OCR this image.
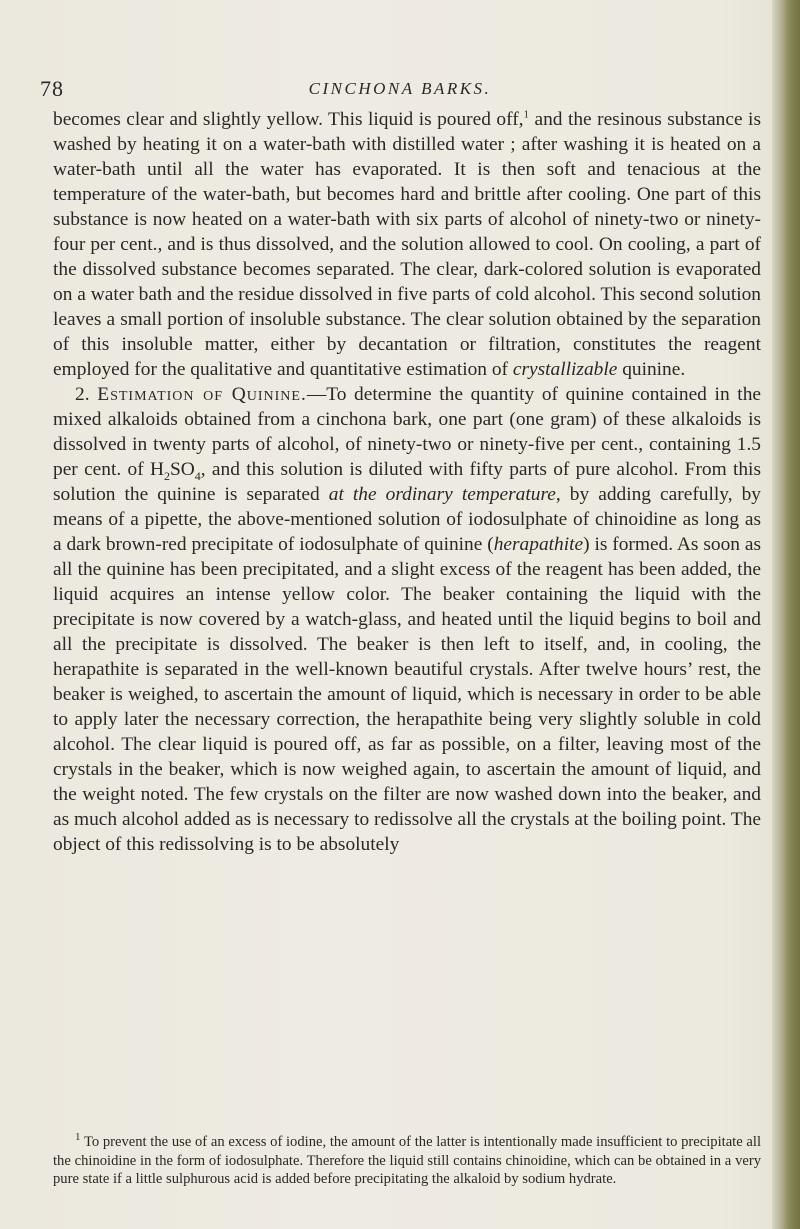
78	CINCHONA BARKS.

becomes clear and slightly yellow. This liquid is poured off,$^1$ and the resinous substance is washed by heating it on a water-bath with distilled water ; after washing it is heated on a water-bath until all the water has evaporated. It is then soft and tenacious at the temperature of the water-bath, but becomes hard and brittle after cooling. One part of this substance is now heated on a water-bath with six parts of alcohol of ninety-two or ninety-four per cent., and is thus dissolved, and the solution allowed to cool. On cooling, a part of the dissolved substance becomes separated. The clear, dark-colored solution is evaporated on a water bath and the residue dissolved in five parts of cold alcohol. This second solution leaves a small portion of insoluble substance. The clear solution obtained by the separation of this insoluble matter, either by decantation or filtration, constitutes the reagent employed for the qualitative and quantitative estimation of crystallizable quinine.

2. Estimation of Quinine.—To determine the quantity of quinine contained in the mixed alkaloids obtained from a cinchona bark, one part (one gram) of these alkaloids is dissolved in twenty parts of alcohol, of ninety-two or ninety-five per cent., containing 1.5 per cent. of $H_2SO_4$, and this solution is diluted with fifty parts of pure alcohol. From this solution the quinine is separated at the ordinary temperature, by adding carefully, by means of a pipette, the above-mentioned solution of iodosulphate of chinoidine as long as a dark brown-red precipitate of iodosulphate of quinine (herapathite) is formed. As soon as all the quinine has been precipitated, and a slight excess of the reagent has been added, the liquid acquires an intense yellow color. The beaker containing the liquid with the precipitate is now covered by a watch-glass, and heated until the liquid begins to boil and all the precipitate is dissolved. The beaker is then left to itself, and, in cooling, the herapathite is separated in the well-known beautiful crystals. After twelve hours’ rest, the beaker is weighed, to ascertain the amount of liquid, which is necessary in order to be able to apply later the necessary correction, the herapathite being very slightly soluble in cold alcohol. The clear liquid is poured off, as far as possible, on a filter, leaving most of the crystals in the beaker, which is now weighed again, to ascertain the amount of liquid, and the weight noted. The few crystals on the filter are now washed down into the beaker, and as much alcohol added as is necessary to redissolve all the crystals at the boiling point. The object of this redissolving is to be absolutely

$^1$ To prevent the use of an excess of iodine, the amount of the latter is intentionally made insufficient to precipitate all the chinoidine in the form of iodosulphate. Therefore the liquid still contains chinoidine, which can be obtained in a very pure state if a little sulphurous acid is added before precipitating the alkaloid by sodium hydrate.
